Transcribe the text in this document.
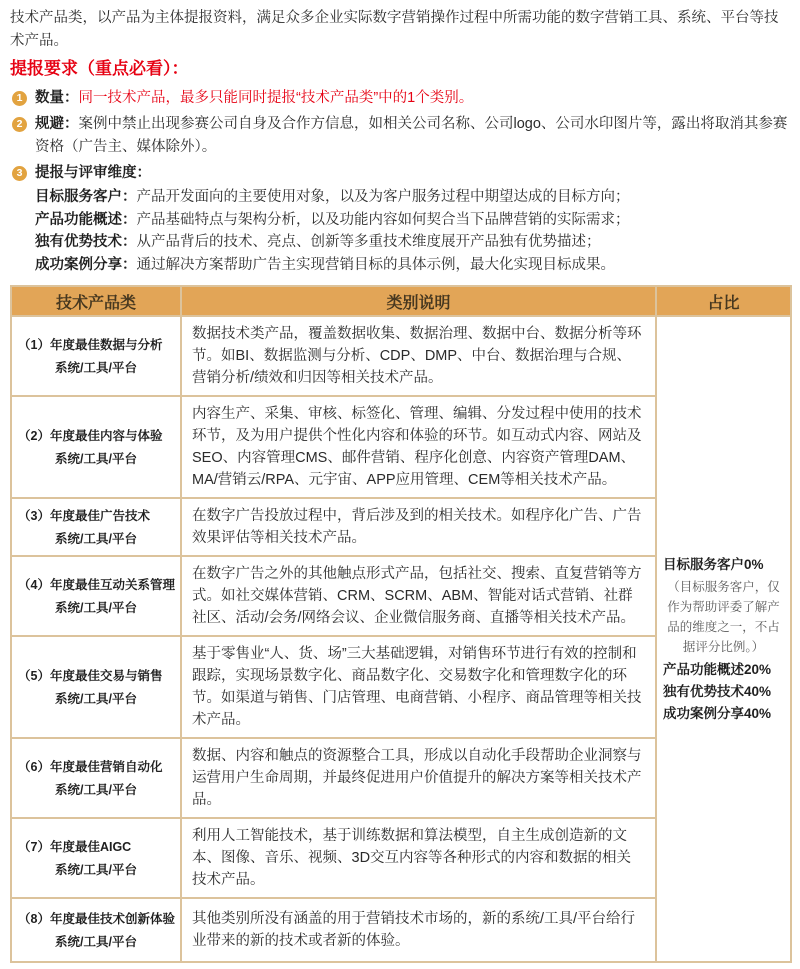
技术产品类，以产品为主体提报资料，满足众多企业实际数字营销操作过程中所需功能的数字营销工具、系统、平台等技术产品。

提报要求（重点必看）：
1 数量：同一技术产品，最多只能同时提报“技术产品类”中的1个类别。
2 规避：案例中禁止出现参赛公司自身及合作方信息，如相关公司名称、公司logo、公司水印图片等，露出将取消其参赛资格（广告主、媒体除外）。
3 提报与评审维度：
目标服务客户：产品开发面向的主要使用对象，以及为客户服务过程中期望达成的目标方向；
产品功能概述：产品基础特点与架构分析，以及功能内容如何契合当下品牌营销的实际需求；
独有优势技术：从产品背后的技术、亮点、创新等多重技术维度展开产品独有优势描述；
成功案例分享：通过解决方案帮助广告主实现营销目标的具体示例，最大化实现目标成果。
技术产品类	类别说明	占比

（1）年度最佳数据与分析
系统/工具/平台
	数据技术类产品，覆盖数据收集、数据治理、数据中台、数据分析等环节。如BI、数据监测与分析、CDP、DMP、中台、数据治理与合规、营销分析/绩效和归因等相关技术产品。	
目标服务客户0%
（目标服务客户，仅作为帮助评委了解产品的维度之一，不占据评分比例。）
产品功能概述20%
独有优势技术40%
成功案例分享40%

（2）年度最佳内容与体验
系统/工具/平台	内容生产、采集、审核、标签化、管理、编辑、分发过程中使用的技术环节，及为用户提供个性化内容和体验的环节。如互动式内容、网站及SEO、内容管理CMS、邮件营销、程序化创意、内容资产管理DAM、MA/营销云/RPA、元宇宙、APP应用管理、CEM等相关技术产品。	

（3）年度最佳广告技术
系统/工具/平台	在数字广告投放过程中，背后涉及到的相关技术。如程序化广告、广告效果评估等相关技术产品。	

（4）年度最佳互动关系管理
系统/工具/平台	在数字广告之外的其他触点形式产品，包括社交、搜索、直复营销等方式。如社交媒体营销、CRM、SCRM、ABM、智能对话式营销、社群社区、活动/会务/网络会议、企业微信服务商、直播等相关技术产品。	

（5）年度最佳交易与销售
系统/工具/平台	基于零售业“人、货、场”三大基础逻辑，对销售环节进行有效的控制和跟踪，实现场景数字化、商品数字化、交易数字化和管理数字化的环节。如渠道与销售、门店管理、电商营销、小程序、商品管理等相关技术产品。	

（6）年度最佳营销自动化
系统/工具/平台	数据、内容和触点的资源整合工具，形成以自动化手段帮助企业洞察与运营用户生命周期，并最终促进用户价值提升的解决方案等相关技术产品。	

（7）年度最佳AIGC
系统/工具/平台	利用人工智能技术，基于训练数据和算法模型，自主生成创造新的文本、图像、音乐、视频、3D交互内容等各种形式的内容和数据的相关技术产品。	

（8）年度最佳技术创新体验
系统/工具/平台	其他类别所没有涵盖的用于营销技术市场的，新的系统/工具/平台给行业带来的新的技术或者新的体验。	
